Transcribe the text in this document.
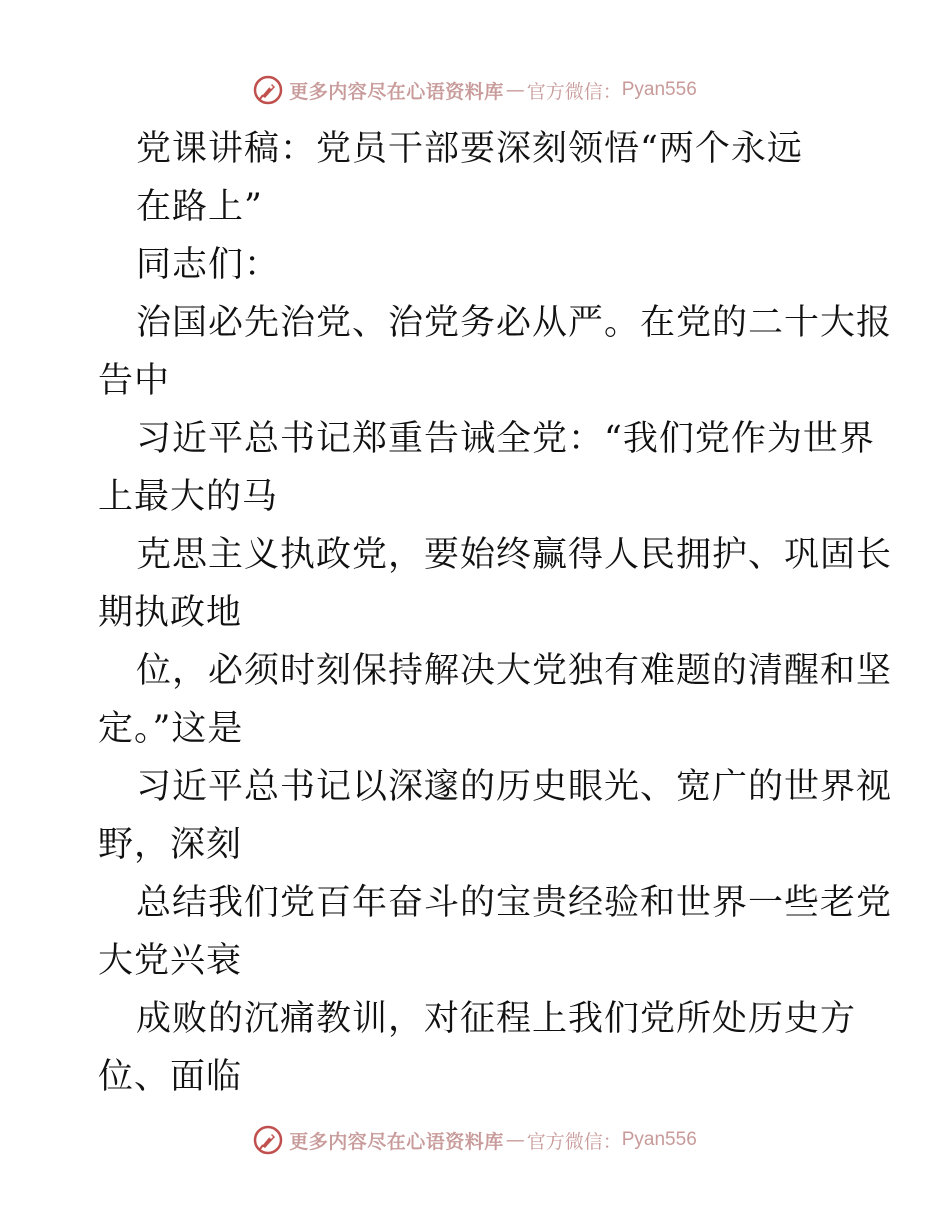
更多内容尽在心语资料库 — 官方微信： Pyan556
党课讲稿：党员干部要深刻领悟“两个永远
在路上”
同志们：
治国必先治党、治党务必从严。在党的二十大报
告中
习近平总书记郑重告诫全党：“我们党作为世界
上最大的马
克思主义执政党，要始终赢得人民拥护、巩固长
期执政地
位，必须时刻保持解决大党独有难题的清醒和坚
定。”这是
习近平总书记以深邃的历史眼光、宽广的世界视
野，深刻
总结我们党百年奋斗的宝贵经验和世界一些老党
大党兴衰
成败的沉痛教训，对征程上我们党所处历史方
位、面临
更多内容尽在心语资料库 — 官方微信： Pyan556
